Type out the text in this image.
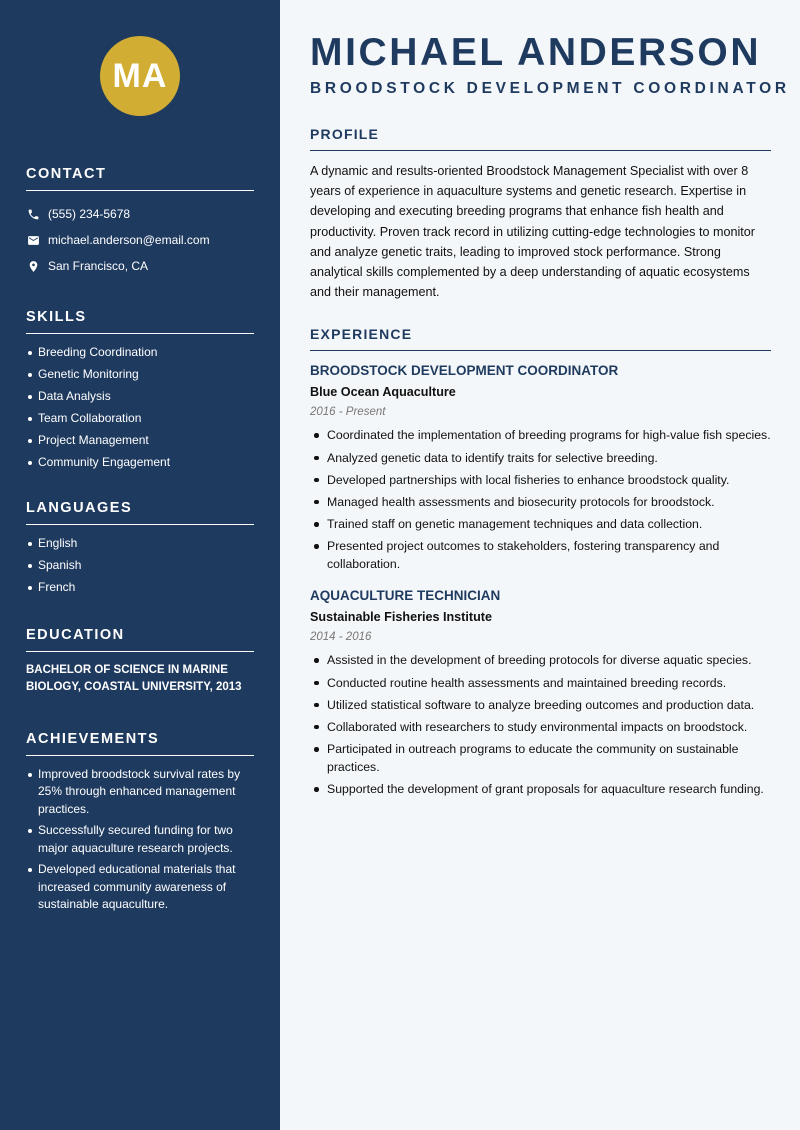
MA
CONTACT
(555) 234-5678
michael.anderson@email.com
San Francisco, CA
SKILLS
Breeding Coordination
Genetic Monitoring
Data Analysis
Team Collaboration
Project Management
Community Engagement
LANGUAGES
English
Spanish
French
EDUCATION

BACHELOR OF SCIENCE IN MARINE BIOLOGY, COASTAL UNIVERSITY, 2013

ACHIEVEMENTS
Improved broodstock survival rates by 25% through enhanced management practices.
Successfully secured funding for two major aquaculture research projects.
Developed educational materials that increased community awareness of sustainable aquaculture.
MICHAEL ANDERSON
BROODSTOCK DEVELOPMENT COORDINATOR
PROFILE

A dynamic and results-oriented Broodstock Management Specialist with over 8 years of experience in aquaculture systems and genetic research. Expertise in developing and executing breeding programs that enhance fish health and productivity. Proven track record in utilizing cutting-edge technologies to monitor and analyze genetic traits, leading to improved stock performance. Strong analytical skills complemented by a deep understanding of aquatic ecosystems and their management.

EXPERIENCE
BROODSTOCK DEVELOPMENT COORDINATOR
Blue Ocean Aquaculture
2016 - Present
Coordinated the implementation of breeding programs for high-value fish species.
Analyzed genetic data to identify traits for selective breeding.
Developed partnerships with local fisheries to enhance broodstock quality.
Managed health assessments and biosecurity protocols for broodstock.
Trained staff on genetic management techniques and data collection.
Presented project outcomes to stakeholders, fostering transparency and collaboration.
AQUACULTURE TECHNICIAN
Sustainable Fisheries Institute
2014 - 2016
Assisted in the development of breeding protocols for diverse aquatic species.
Conducted routine health assessments and maintained breeding records.
Utilized statistical software to analyze breeding outcomes and production data.
Collaborated with researchers to study environmental impacts on broodstock.
Participated in outreach programs to educate the community on sustainable practices.
Supported the development of grant proposals for aquaculture research funding.
